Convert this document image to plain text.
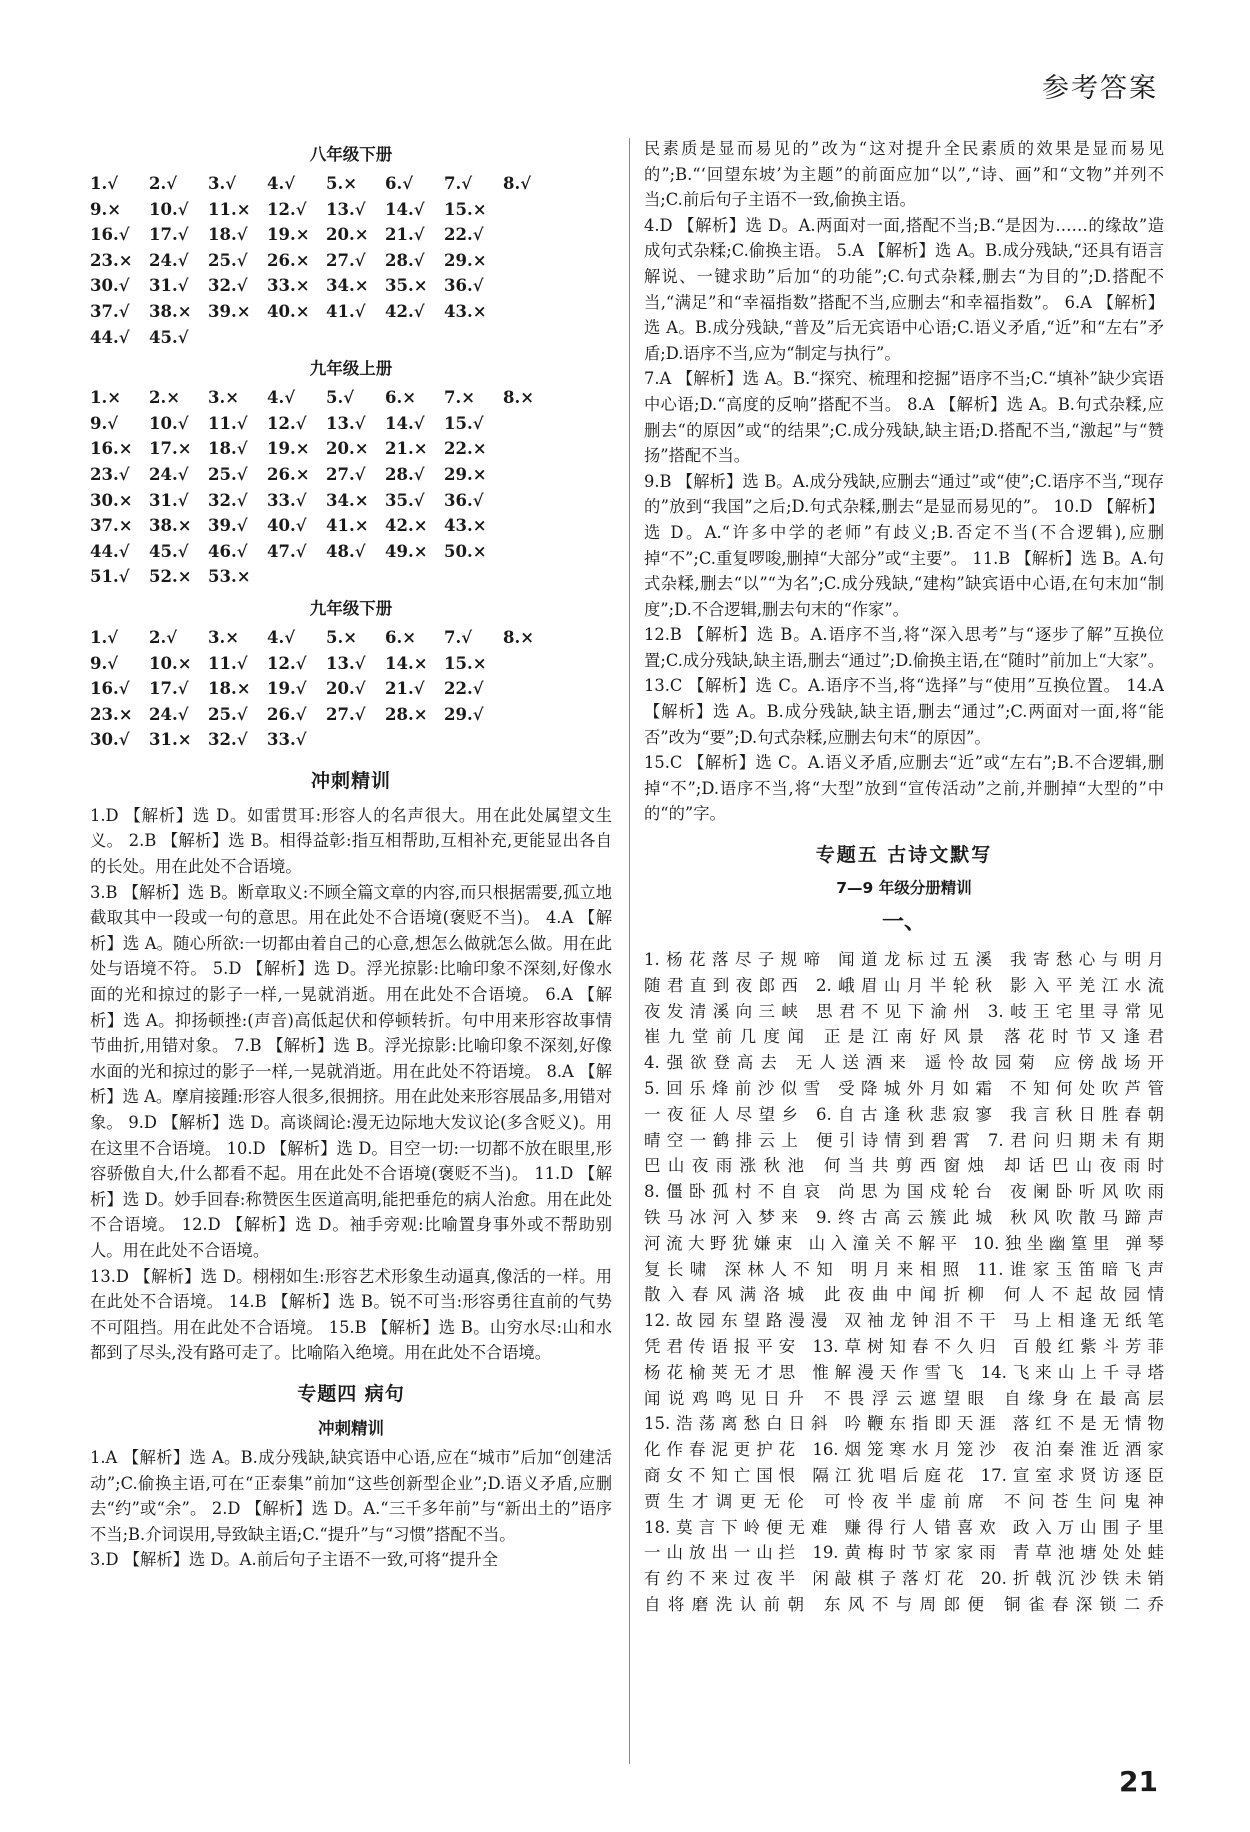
参考答案
八年级下册
1.√	2.√	3.√	4.√	5.×	6.√	7.√	8.√
9.×	10.√	11.× 12.√	13.√	14.√	15.×
16.√	17.√	18.√	19.× 20.× 21.√	22.√
23.× 24.√	25.√	26.× 27.√	28.√	29.×
30.√	31.√	32.√	33.× 34.× 35.× 36.√
37.√	38.× 39.× 40.× 41.√	42.√	43.×
44.√	45.√
九年级上册
1.×	2.×	3.×	4.√	5.√	6.×	7.×	8.×
9.√	10.√	11.√	12.√	13.√	14.√	15.√
16.× 17.× 18.√	19.× 20.× 21.× 22.×
23.√	24.√	25.√	26.× 27.√	28.√	29.×
30.× 31.√	32.√	33.√	34.× 35.√	36.√
37.× 38.× 39.√	40.√	41.× 42.× 43.×
44.√	45.√	46.√	47.√	48.√	49.× 50.×
51.√	52.× 53.×
九年级下册
1.√	2.√	3.×	4.√	5.×	6.×	7.√	8.×
9.√	10.× 11.√	12.√	13.√	14.× 15.×
16.√	17.√	18.× 19.√	20.√	21.√	22.√
23.× 24.√	25.√	26.√	27.√	28.× 29.√
30.√	31.× 32.√	33.√
冲刺精训

1.D 【解析】选 D。如雷贯耳:形容人的名声很大。用在此处属望文生义。 2.B 【解析】选 B。相得益彰:指互相帮助,互相补充,更能显出各自的长处。用在此处不合语境。

3.B 【解析】选 B。断章取义:不顾全篇文章的内容,而只根据需要,孤立地截取其中一段或一句的意思。用在此处不合语境(褒贬不当)。 4.A 【解析】选 A。随心所欲:一切都由着自己的心意,想怎么做就怎么做。用在此处与语境不符。 5.D 【解析】选 D。浮光掠影:比喻印象不深刻,好像水面的光和掠过的影子一样,一晃就消逝。用在此处不合语境。 6.A 【解析】选 A。抑扬顿挫:(声音)高低起伏和停顿转折。句中用来形容故事情节曲折,用错对象。 7.B 【解析】选 B。浮光掠影:比喻印象不深刻,好像水面的光和掠过的影子一样,一晃就消逝。用在此处不符语境。 8.A 【解析】选 A。摩肩接踵:形容人很多,很拥挤。用在此处来形容展品多,用错对象。 9.D 【解析】选 D。高谈阔论:漫无边际地大发议论(多含贬义)。用在这里不合语境。 10.D 【解析】选 D。目空一切:一切都不放在眼里,形容骄傲自大,什么都看不起。用在此处不合语境(褒贬不当)。 11.D 【解析】选 D。妙手回春:称赞医生医道高明,能把垂危的病人治愈。用在此处不合语境。 12.D 【解析】选 D。袖手旁观:比喻置身事外或不帮助别人。用在此处不合语境。

13.D 【解析】选 D。栩栩如生:形容艺术形象生动逼真,像活的一样。用在此处不合语境。 14.B 【解析】选 B。锐不可当:形容勇往直前的气势不可阻挡。用在此处不合语境。 15.B 【解析】选 B。山穷水尽:山和水都到了尽头,没有路可走了。比喻陷入绝境。用在此处不合语境。

专题四 病句
冲刺精训

1.A 【解析】选 A。B.成分残缺,缺宾语中心语,应在“城市”后加“创建活动”;C.偷换主语,可在“正泰集”前加“这些创新型企业”;D.语义矛盾,应删去“约”或“余”。 2.D 【解析】选 D。A.“三千多年前”与“新出土的”语序不当;B.介词误用,导致缺主语;C.“提升”与“习惯”搭配不当。

3.D 【解析】选 D。A.前后句子主语不一致,可将“提升全

民素质是显而易见的”改为“这对提升全民素质的效果是显而易见的”;B.“‘回望东坡’为主题”的前面应加“以”,“诗、画”和“文物”并列不当;C.前后句子主语不一致,偷换主语。

4.D 【解析】选 D。A.两面对一面,搭配不当;B.“是因为……的缘故”造成句式杂糅;C.偷换主语。 5.A 【解析】选 A。B.成分残缺,“还具有语言解说、一键求助”后加“的功能”;C.句式杂糅,删去“为目的”;D.搭配不当,“满足”和“幸福指数”搭配不当,应删去“和幸福指数”。 6.A 【解析】选 A。B.成分残缺,“普及”后无宾语中心语;C.语义矛盾,“近”和“左右”矛盾;D.语序不当,应为“制定与执行”。

7.A 【解析】选 A。B.“探究、梳理和挖掘”语序不当;C.“填补”缺少宾语中心语;D.“高度的反响”搭配不当。 8.A 【解析】选 A。B.句式杂糅,应删去“的原因”或“的结果”;C.成分残缺,缺主语;D.搭配不当,“激起”与“赞扬”搭配不当。

9.B 【解析】选 B。A.成分残缺,应删去“通过”或“使”;C.语序不当,“现存的”放到“我国”之后;D.句式杂糅,删去“是显而易见的”。 10.D 【解析】选 D。A.“许多中学的老师”有歧义;B.否定不当(不合逻辑),应删掉“不”;C.重复啰唆,删掉“大部分”或“主要”。 11.B 【解析】选 B。A.句式杂糅,删去“以”“为名”;C.成分残缺,“建构”缺宾语中心语,在句末加“制度”;D.不合逻辑,删去句末的“作家”。

12.B 【解析】选 B。A.语序不当,将“深入思考”与“逐步了解”互换位置;C.成分残缺,缺主语,删去“通过”;D.偷换主语,在“随时”前加上“大家”。 13.C 【解析】选 C。A.语序不当,将“选择”与“使用”互换位置。 14.A 【解析】选 A。B.成分残缺,缺主语,删去“通过”;C.两面对一面,将“能否”改为“要”;D.句式杂糅,应删去句末“的原因”。

15.C 【解析】选 C。A.语义矛盾,应删去“近”或“左右”;B.不合逻辑,删掉“不”;D.语序不当,将“大型”放到“宣传活动”之前,并删掉“大型的”中的“的”字。

专题五 古诗文默写
7—9 年级分册精训
一、
1.杨花落尽子规啼 闻道龙标过五溪 我寄愁心与明月
随君直到夜郎西 2.峨眉山月半轮秋 影入平羌江水流
夜发清溪向三峡 思君不见下渝州 3.岐王宅里寻常见
崔九堂前几度闻 正是江南好风景 落花时节又逢君
4.强欲登高去 无人送酒来 遥怜故园菊 应傍战场开
5.回乐烽前沙似雪 受降城外月如霜 不知何处吹芦管
一夜征人尽望乡 6.自古逢秋悲寂寥 我言秋日胜春朝
晴空一鹤排云上 便引诗情到碧霄 7.君问归期未有期
巴山夜雨涨秋池 何当共剪西窗烛 却话巴山夜雨时
8.僵卧孤村不自哀 尚思为国戍轮台 夜阑卧听风吹雨
铁马冰河入梦来 9.终古高云簇此城 秋风吹散马蹄声
河流大野犹嫌束 山入潼关不解平 10.独坐幽篁里 弹琴
复长啸 深林人不知 明月来相照 11.谁家玉笛暗飞声
散入春风满洛城 此夜曲中闻折柳 何人不起故园情
12.故园东望路漫漫 双袖龙钟泪不干 马上相逢无纸笔
凭君传语报平安 13.草树知春不久归 百般红紫斗芳菲
杨花榆荚无才思 惟解漫天作雪飞 14.飞来山上千寻塔
闻说鸡鸣见日升 不畏浮云遮望眼 自缘身在最高层
15.浩荡离愁白日斜 吟鞭东指即天涯 落红不是无情物
化作春泥更护花 16.烟笼寒水月笼沙 夜泊秦淮近酒家
商女不知亡国恨 隔江犹唱后庭花 17.宣室求贤访逐臣
贾生才调更无伦 可怜夜半虚前席 不问苍生问鬼神
18.莫言下岭便无难 赚得行人错喜欢 政入万山围子里
一山放出一山拦 19.黄梅时节家家雨 青草池塘处处蛙
有约不来过夜半 闲敲棋子落灯花 20.折戟沉沙铁未销
自将磨洗认前朝 东风不与周郎便 铜雀春深锁二乔
21
